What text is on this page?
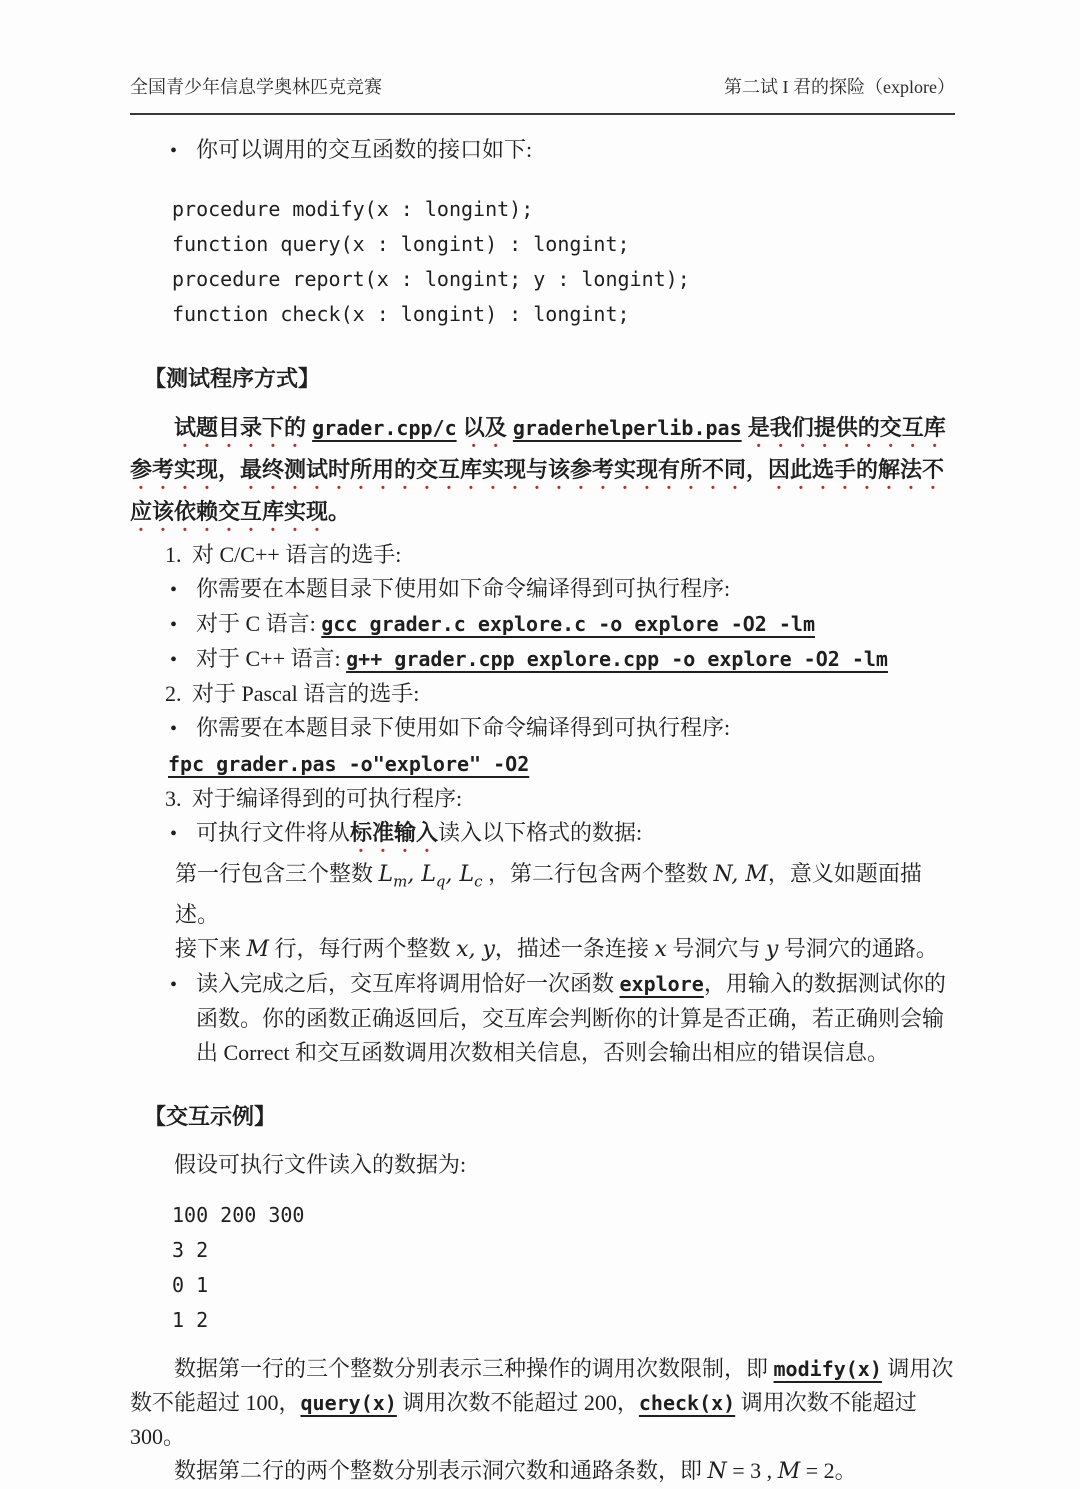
全国青少年信息学奥林匹克竞赛	第二试 I 君的探险（explore）
• 你可以调用的交互函数的接口如下:
procedure modify(x : longint);
function query(x : longint) : longint;
procedure report(x : longint; y : longint);
function check(x : longint) : longint;
【测试程序方式】
试题目录下的 grader.cpp/c 以及 graderhelperlib.pas 是我们提供的交互库参考实现，最终测试时所用的交互库实现与该参考实现有所不同，因此选手的解法不应该依赖交互库实现。
1. 对 C/C++ 语言的选手:
• 你需要在本题目录下使用如下命令编译得到可执行程序:
• 对于 C 语言: gcc grader.c explore.c -o explore -O2 -lm
• 对于 C++ 语言: g++ grader.cpp explore.cpp -o explore -O2 -lm
2. 对于 Pascal 语言的选手:
• 你需要在本题目录下使用如下命令编译得到可执行程序:
fpc grader.pas -o"explore" -O2
3. 对于编译得到的可执行程序:
• 可执行文件将从标准输入读入以下格式的数据:
第一行包含三个整数 $L_m$, $L_q$, $L_c$ ，第二行包含两个整数 N, M，意义如题面描述。
接下来 M 行，每行两个整数 x, y，描述一条连接 x 号洞穴与 y 号洞穴的通路。
• 读入完成之后，交互库将调用恰好一次函数 explore，用输入的数据测试你的函数。你的函数正确返回后，交互库会判断你的计算是否正确，若正确则会输出 Correct 和交互函数调用次数相关信息，否则会输出相应的错误信息。
【交互示例】
假设可执行文件读入的数据为:
100 200 300
3 2
0 1
1 2
数据第一行的三个整数分别表示三种操作的调用次数限制，即 modify(x) 调用次数不能超过 100，query(x) 调用次数不能超过 200，check(x) 调用次数不能超过 300。
数据第二行的两个整数分别表示洞穴数和通路条数，即 N = 3 , M = 2。
